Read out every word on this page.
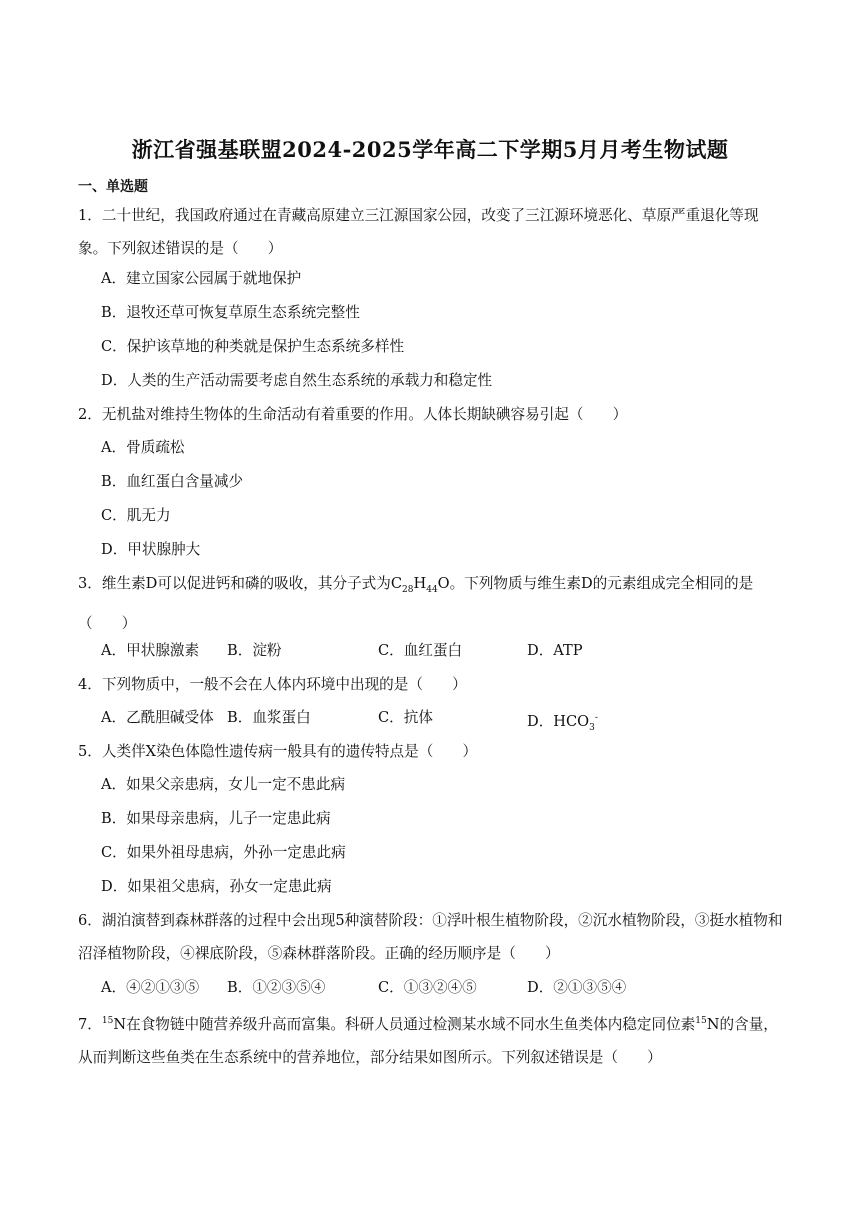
浙江省强基联盟2024-2025学年高二下学期5月月考生物试题
一、单选题
1．二十世纪，我国政府通过在青藏高原建立三江源国家公园，改变了三江源环境恶化、草原严重退化等现象。下列叙述错误的是（　　）
A．建立国家公园属于就地保护
B．退牧还草可恢复草原生态系统完整性
C．保护该草地的种类就是保护生态系统多样性
D．人类的生产活动需要考虑自然生态系统的承载力和稳定性
2．无机盐对维持生物体的生命活动有着重要的作用。人体长期缺碘容易引起（　　）
A．骨质疏松
B．血红蛋白含量减少
C．肌无力
D．甲状腺肿大
3．维生素D可以促进钙和磷的吸收，其分子式为$C_{28}H_{44}O$。下列物质与维生素D的元素组成完全相同的是（　　）
A．甲状腺激素 B．淀粉	C．血红蛋白	D．ATP
4．下列物质中，一般不会在人体内环境中出现的是（　　）
A．乙酰胆碱受体 B．血浆蛋白	C．抗体	D．$HCO_3^-$
5．人类伴X染色体隐性遗传病一般具有的遗传特点是（　　）
A．如果父亲患病，女儿一定不患此病
B．如果母亲患病，儿子一定患此病
C．如果外祖母患病，外孙一定患此病
D．如果祖父患病，孙女一定患此病
6．湖泊演替到森林群落的过程中会出现5种演替阶段：①浮叶根生植物阶段，②沉水植物阶段，③挺水植物和沼泽植物阶段，④裸底阶段，⑤森林群落阶段。正确的经历顺序是（　　）
A．④②①③⑤ B．①②③⑤④	C．①③②④⑤	D．②①③⑤④
7．$^{15}$N在食物链中随营养级升高而富集。科研人员通过检测某水域不同水生鱼类体内稳定同位素$^{15}$N的含量，从而判断这些鱼类在生态系统中的营养地位，部分结果如图所示。下列叙述错误是（　　）
